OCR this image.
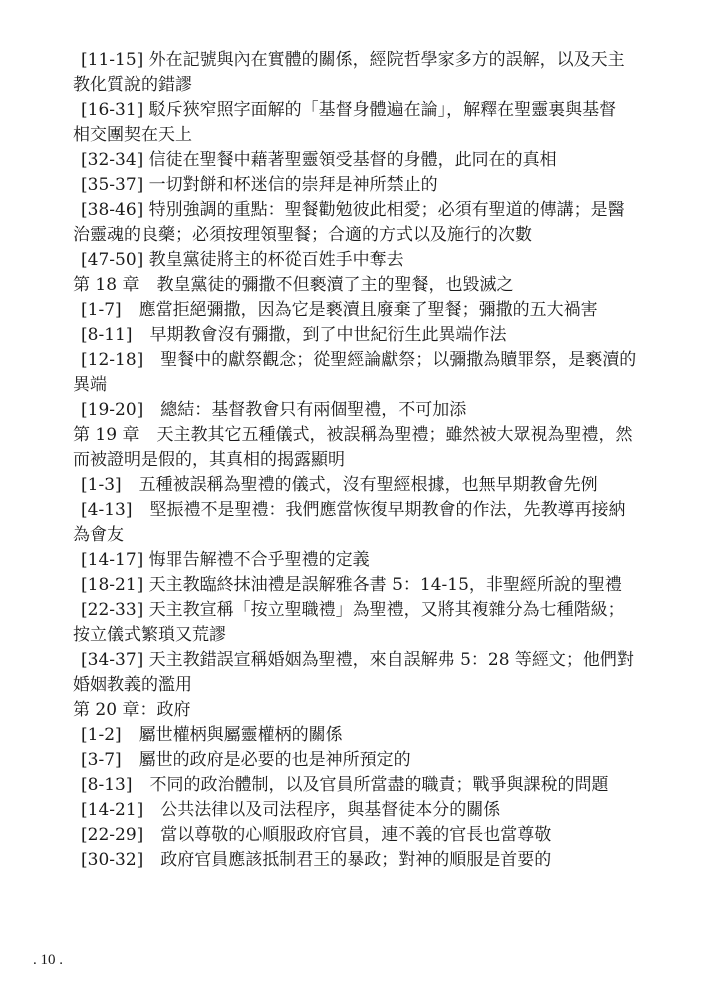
[11-15] 外在記號與內在實體的關係，經院哲學家多方的誤解，以及天主

教化質說的錯謬

[16-31] 駁斥狹窄照字面解的「基督身體遍在論」，解釋在聖靈裏與基督

相交團契在天上

[32-34] 信徒在聖餐中藉著聖靈領受基督的身體，此同在的真相

[35-37] 一切對餅和杯迷信的崇拜是神所禁止的

[38-46] 特別強調的重點：聖餐勸勉彼此相愛；必須有聖道的傳講；是醫

治靈魂的良藥；必須按理領聖餐；合適的方式以及施行的次數

[47-50] 教皇黨徒將主的杯從百姓手中奪去

第 18 章　教皇黨徒的彌撒不但褻瀆了主的聖餐，也毀滅之

[1-7]　應當拒絕彌撒，因為它是褻瀆且廢棄了聖餐；彌撒的五大禍害

[8-11]　早期教會沒有彌撒，到了中世紀衍生此異端作法

[12-18]　聖餐中的獻祭觀念；從聖經論獻祭；以彌撒為贖罪祭，是褻瀆的

異端

[19-20]　總結：基督教會只有兩個聖禮，不可加添

第 19 章　天主教其它五種儀式，被誤稱為聖禮；雖然被大眾視為聖禮，然

而被證明是假的，其真相的揭露顯明

[1-3]　五種被誤稱為聖禮的儀式，沒有聖經根據，也無早期教會先例

[4-13]　堅振禮不是聖禮：我們應當恢復早期教會的作法，先教導再接納

為會友

[14-17] 悔罪告解禮不合乎聖禮的定義

[18-21] 天主教臨終抹油禮是誤解雅各書 5：14-15，非聖經所說的聖禮

[22-33] 天主教宣稱「按立聖職禮」為聖禮，又將其複雜分為七種階級；

按立儀式繁瑣又荒謬

[34-37] 天主教錯誤宣稱婚姻為聖禮，來自誤解弗 5：28 等經文；他們對

婚姻教義的濫用

第 20 章：政府

[1-2]　屬世權柄與屬靈權柄的關係

[3-7]　屬世的政府是必要的也是神所預定的

[8-13]　不同的政治體制，以及官員所當盡的職責；戰爭與課稅的問題

[14-21]　公共法律以及司法程序，與基督徒本分的關係

[22-29]　當以尊敬的心順服政府官員，連不義的官長也當尊敬

[30-32]　政府官員應該抵制君王的暴政；對神的順服是首要的

. 10 .
